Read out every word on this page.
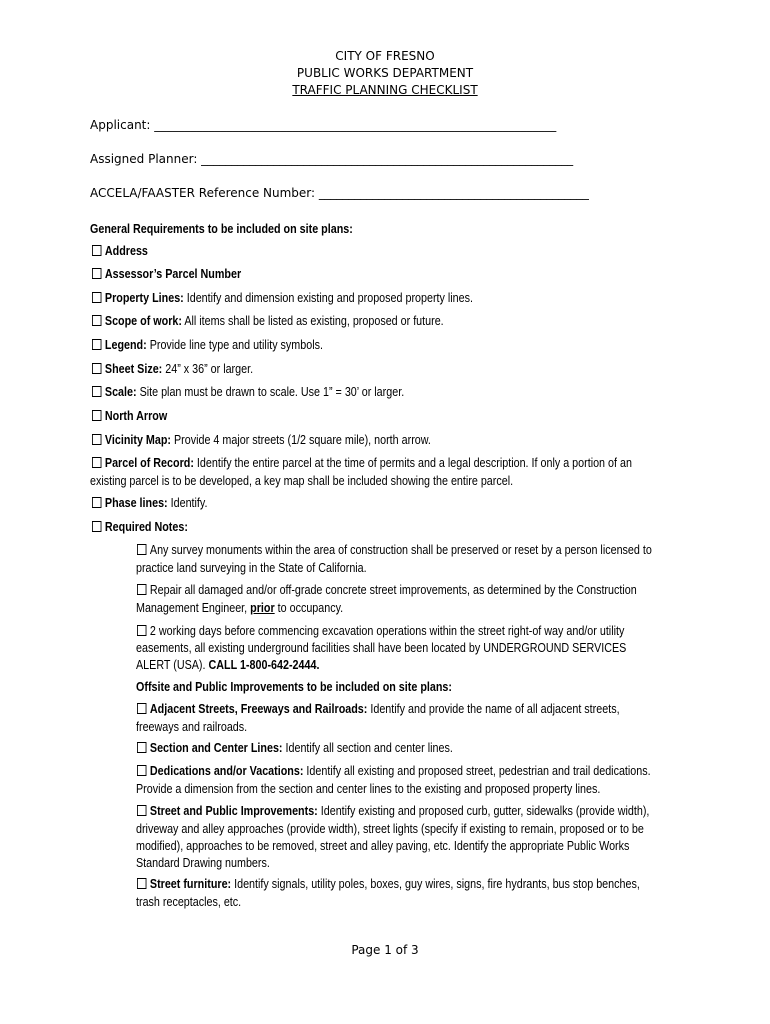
CITY OF FRESNO
PUBLIC WORKS DEPARTMENT
TRAFFIC PLANNING CHECKLIST
Applicant: ___________________________________________________________________
Assigned Planner: ______________________________________________________________
ACCELA/FAASTER Reference Number: _____________________________________________
General Requirements to be included on site plans:
Address
Assessor’s Parcel Number
Property Lines: Identify and dimension existing and proposed property lines.
Scope of work: All items shall be listed as existing, proposed or future.
Legend: Provide line type and utility symbols.
Sheet Size: 24” x 36” or larger.
Scale: Site plan must be drawn to scale. Use 1” = 30’ or larger.
North Arrow
Vicinity Map: Provide 4 major streets (1/2 square mile), north arrow.
Parcel of Record: Identify the entire parcel at the time of permits and a legal description. If only a portion of an
existing parcel is to be developed, a key map shall be included showing the entire parcel.
Phase lines: Identify.
Required Notes:
Any survey monuments within the area of construction shall be preserved or reset by a person licensed to
practice land surveying in the State of California.
Repair all damaged and/or off-grade concrete street improvements, as determined by the Construction
Management Engineer, prior to occupancy.
2 working days before commencing excavation operations within the street right-of way and/or utility
easements, all existing underground facilities shall have been located by UNDERGROUND SERVICES
ALERT (USA). CALL 1-800-642-2444.
Offsite and Public Improvements to be included on site plans:
Adjacent Streets, Freeways and Railroads: Identify and provide the name of all adjacent streets,
freeways and railroads.
Section and Center Lines: Identify all section and center lines.
Dedications and/or Vacations: Identify all existing and proposed street, pedestrian and trail dedications.
Provide a dimension from the section and center lines to the existing and proposed property lines.
Street and Public Improvements: Identify existing and proposed curb, gutter, sidewalks (provide width),
driveway and alley approaches (provide width), street lights (specify if existing to remain, proposed or to be
modified), approaches to be removed, street and alley paving, etc. Identify the appropriate Public Works
Standard Drawing numbers.
Street furniture: Identify signals, utility poles, boxes, guy wires, signs, fire hydrants, bus stop benches,
trash receptacles, etc.
Page 1 of 3
